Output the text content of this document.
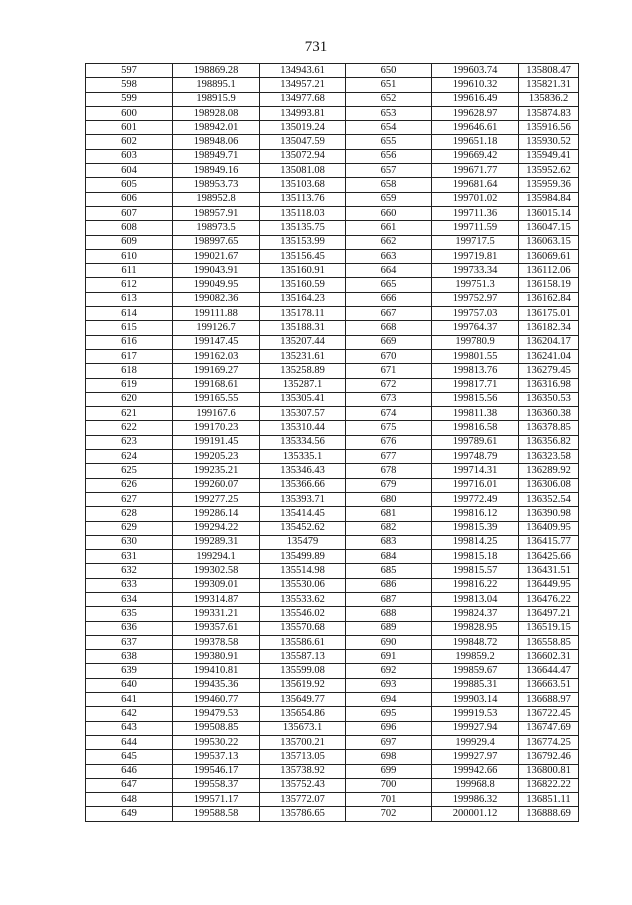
731
597	198869.28	134943.61	650	199603.74	135808.47
598	198895.1	134957.21	651	199610.32	135821.31
599	198915.9	134977.68	652	199616.49	135836.2
600	198928.08	134993.81	653	199628.97	135874.83
601	198942.01	135019.24	654	199646.61	135916.56
602	198948.06	135047.59	655	199651.18	135930.52
603	198949.71	135072.94	656	199669.42	135949.41
604	198949.16	135081.08	657	199671.77	135952.62
605	198953.73	135103.68	658	199681.64	135959.36
606	198952.8	135113.76	659	199701.02	135984.84
607	198957.91	135118.03	660	199711.36	136015.14
608	198973.5	135135.75	661	199711.59	136047.15
609	198997.65	135153.99	662	199717.5	136063.15
610	199021.67	135156.45	663	199719.81	136069.61
611	199043.91	135160.91	664	199733.34	136112.06
612	199049.95	135160.59	665	199751.3	136158.19
613	199082.36	135164.23	666	199752.97	136162.84
614	199111.88	135178.11	667	199757.03	136175.01
615	199126.7	135188.31	668	199764.37	136182.34
616	199147.45	135207.44	669	199780.9	136204.17
617	199162.03	135231.61	670	199801.55	136241.04
618	199169.27	135258.89	671	199813.76	136279.45
619	199168.61	135287.1	672	199817.71	136316.98
620	199165.55	135305.41	673	199815.56	136350.53
621	199167.6	135307.57	674	199811.38	136360.38
622	199170.23	135310.44	675	199816.58	136378.85
623	199191.45	135334.56	676	199789.61	136356.82
624	199205.23	135335.1	677	199748.79	136323.58
625	199235.21	135346.43	678	199714.31	136289.92
626	199260.07	135366.66	679	199716.01	136306.08
627	199277.25	135393.71	680	199772.49	136352.54
628	199286.14	135414.45	681	199816.12	136390.98
629	199294.22	135452.62	682	199815.39	136409.95
630	199289.31	135479	683	199814.25	136415.77
631	199294.1	135499.89	684	199815.18	136425.66
632	199302.58	135514.98	685	199815.57	136431.51
633	199309.01	135530.06	686	199816.22	136449.95
634	199314.87	135533.62	687	199813.04	136476.22
635	199331.21	135546.02	688	199824.37	136497.21
636	199357.61	135570.68	689	199828.95	136519.15
637	199378.58	135586.61	690	199848.72	136558.85
638	199380.91	135587.13	691	199859.2	136602.31
639	199410.81	135599.08	692	199859.67	136644.47
640	199435.36	135619.92	693	199885.31	136663.51
641	199460.77	135649.77	694	199903.14	136688.97
642	199479.53	135654.86	695	199919.53	136722.45
643	199508.85	135673.1	696	199927.94	136747.69
644	199530.22	135700.21	697	199929.4	136774.25
645	199537.13	135713.05	698	199927.97	136792.46
646	199546.17	135738.92	699	199942.66	136800.81
647	199558.37	135752.43	700	199968.8	136822.22
648	199571.17	135772.07	701	199986.32	136851.11
649	199588.58	135786.65	702	200001.12	136888.69
